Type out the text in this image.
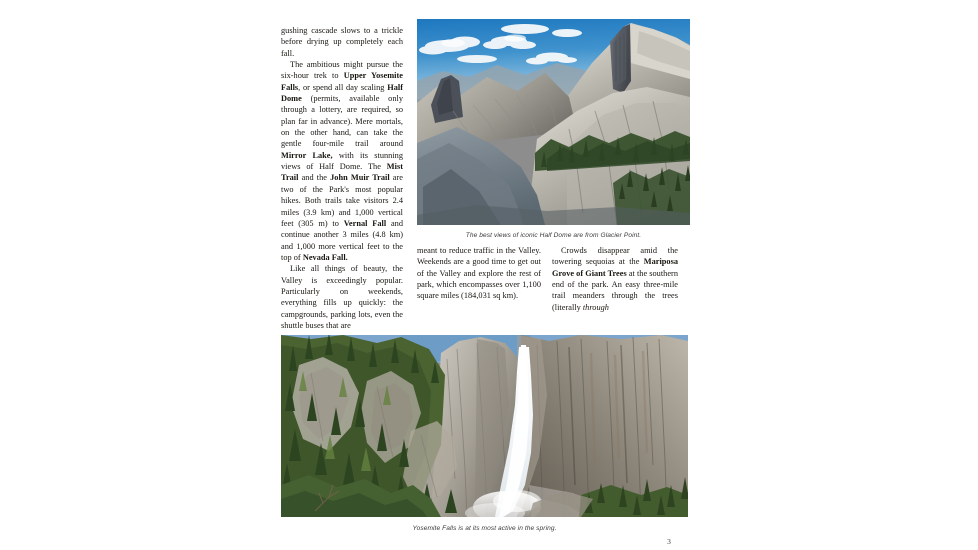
gushing cascade slows to a trickle before drying up completely each fall.

The ambitious might pursue the six-hour trek to Upper Yosemite Falls, or spend all day scaling Half Dome (permits, available only through a lottery, are required, so plan far in advance). Mere mortals, on the other hand, can take the gentle four-mile trail around Mirror Lake, with its stunning views of Half Dome. The Mist Trail and the John Muir Trail are two of the Park's most popular hikes. Both trails take visitors 2.4 miles (3.9 km) and 1,000 vertical feet (305 m) to Vernal Fall and continue another 3 miles (4.8 km) and 1,000 more vertical feet to the top of Nevada Fall.

Like all things of beauty, the Valley is exceedingly popular. Particularly on weekends, everything fills up quickly: the campgrounds, parking lots, even the shuttle buses that are

meant to reduce traffic in the Valley. Weekends are a good time to get out of the Valley and explore the rest of park, which encompasses over 1,100 square miles (184,031 sq km).

Crowds disappear amid the towering sequoias at the Mariposa Grove of Giant Trees at the southern end of the park. An easy three-mile trail meanders through the trees (literally through

The best views of iconic Half Dome are from Glacier Point.
Yosemite Falls is at its most active in the spring.
3
